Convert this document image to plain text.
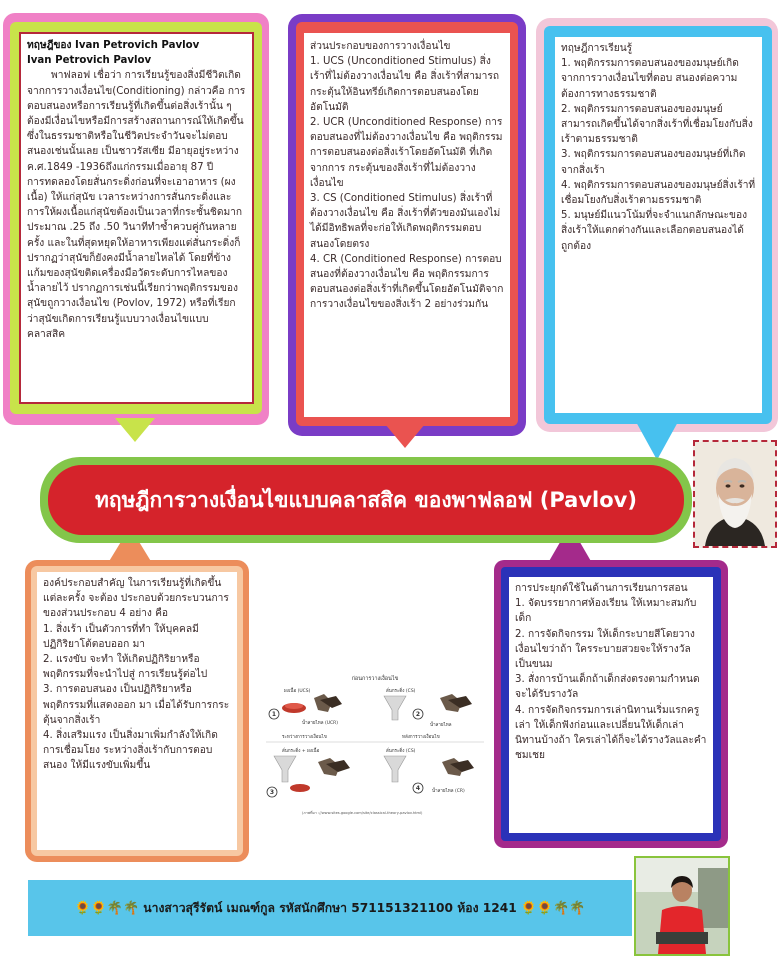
ทฤษฎีของ Ivan Petrovich Pavlov

Ivan Petrovich Pavlov

พาฟลอฟ เชื่อว่า การเรียนรู้ของสิ่งมีชีวิตเกิดจากการวางเงื่อนไข(Conditioning) กล่าวคือ การตอบสนองหรือการเรียนรู้ที่เกิดขึ้นต่อสิ่งเร้านั้น ๆ ต้องมีเงื่อนไขหรือมีการสร้างสถานการณ์ให้เกิดขึ้น ซึ่งในธรรมชาติหรือในชีวิตประจำวันจะไม่ตอบสนองเช่นนั้นเลย เป็นชาวรัสเซีย มีอายุอยู่ระหว่าง ค.ศ.1849 -1936ถึงแก่กรรมเมื่ออายุ 87 ปี

การทดลองโดยสั่นกระดิ่งก่อนที่จะเอาอาหาร (ผงเนื้อ) ให้แก่สุนัข เวลาระหว่างการสั่นกระดิ่งและการให้ผงเนื้อแก่สุนัขต้องเป็นเวลาที่กระชั้นชิดมากประมาณ .25 ถึง .50 วินาทีทำซ้ำควบคู่กันหลายครั้ง และในที่สุดหยุดให้อาหารเพียงแต่สั่นกระดิ่งก็ปรากฏว่าสุนัขก็ยังคงมีน้ำลายไหลได้ โดยที่ข้างแก้มของสุนัขติดเครื่องมือวัดระดับการไหลของน้ำลายไว้ ปรากฏการเช่นนี้เรียกว่าพฤติกรรมของสุนัขถูกวางเงื่อนไข (Povlov, 1972) หรือที่เรียกว่าสุนัขเกิดการเรียนรู้แบบวางเงื่อนไขแบบคลาสสิค

ส่วนประกอบของการวางเงื่อนไข

1. UCS (Unconditioned Stimulus) สิ่งเร้าที่ไม่ต้องวางเงื่อนไข คือ สิ่งเร้าที่สามารถกระตุ้นให้อินทรีย์เกิดการตอบสนองโดยอัตโนมัติ

2. UCR (Unconditioned Response) การตอบสนองที่ไม่ต้องวางเงื่อนไข คือ พฤติกรรมการตอบสนองต่อสิ่งเร้าโดยอัตโนมัติ ที่เกิดจากการ กระตุ้นของสิ่งเร้าที่ไม่ต้องวางเงื่อนไข

3. CS (Conditioned Stimulus) สิ่งเร้าที่ต้องวางเงื่อนไข คือ สิ่งเร้าที่ตัวของมันเองไม่ได้มีอิทธิพลที่จะก่อให้เกิดพฤติกรรมตอบสนองโดยตรง

4. CR (Conditioned Response) การตอบสนองที่ต้องวางเงื่อนไข คือ พฤติกรรมการตอบสนองต่อสิ่งเร้าที่เกิดขึ้นโดยอัตโนมัติจาก การวางเงื่อนไขของสิ่งเร้า 2 อย่างร่วมกัน

ทฤษฎีการเรียนรู้

1. พฤติกรรมการตอบสนองของมนุษย์เกิดจากการวางเงื่อนไขที่ตอบ สนองต่อความต้องการทางธรรมชาติ

2. พฤติกรรมการตอบสนองของมนุษย์สามารถเกิดขึ้นได้จากสิ่งเร้าที่เชื่อมโยงกับสิ่งเร้าตามธรรมชาติ

3. พฤติกรรมการตอบสนองของมนุษย์ที่เกิดจากสิ่งเร้า

4. พฤติกรรมการตอบสนองของมนุษย์สิ่งเร้าที่เชื่อมโยงกับสิ่งเร้าตามธรรมชาติ

5. มนุษย์มีแนวโน้มที่จะจำแนกลักษณะของสิ่งเร้าให้แตกต่างกันและเลือกตอบสนองได้ถูกต้อง

องค์ประกอบสำคัญ ในการเรียนรู้ที่เกิดขึ้นแต่ละครั้ง จะต้อง ประกอบด้วยกระบวนการของส่วนประกอบ 4 อย่าง คือ

1. สิ่งเร้า เป็นตัวการที่ทำ ให้บุคคลมีปฏิกิริยาโต้ตอบออก มา

2. แรงขับ จะทำ ให้เกิดปฏิกิริยาหรือพฤติกรรมที่จะนำไปสู่ การเรียนรู้ต่อไป

3. การตอบสนอง เป็นปฏิกิริยาหรือพฤติกรรมที่แสดงออก มา เมื่อได้รับการกระตุ้นจากสิ่งเร้า

4. สิ่งเสริมแรง เป็นสิ่งมาเพิ่มกำลังให้เกิดการเชื่อมโยง ระหว่างสิ่งเร้ากับการตอบสนอง ให้มีแรงขับเพิ่มขึ้น

การประยุกต์ใช้ในด้านการเรียนการสอน

1. จัดบรรยากาศห้องเรียน ให้เหมาะสมกับเด็ก

2. การจัดกิจกรรม ให้เด็กระบายสีโดยวางเงื่อนไขว่าถ้า ใครระบายสวยจะให้รางวัลเป็นขนม

3. สั่งการบ้านเด็กถ้าเด็กส่งตรงตามกำหนดจะได้รับรางวัล

4. การจัดกิจกรรมการเล่านิทานเริ่มแรกครูเล่า ให้เด็กฟังก่อนและเปลี่ยนให้เด็กเล่านิทานบ้างถ้า ใครเล่าได้ก็จะได้รางวัลและคำชมเชย

ทฤษฎีการวางเงื่อนไขแบบคลาสสิค ของพาฟลอฟ (Pavlov)
ก่อนการวางเงื่อนไข
ผงเนื้อ (UCS)
1
น้ำลายไหล (UCR)
สั่นกระดิ่ง (CS)
2
น้ำลายไหล
ระหว่างการวางเงื่อนไข	หลังการวางเงื่อนไข
สั่นกระดิ่ง + ผงเนื้อ
3
สั่นกระดิ่ง (CS)
4	น้ำลายไหล (CR)
(ภาพที่มา ://www.sites.google.com/site/classical-theory-pavlov.html)
🌻🌻🌴🌴 นางสาวสุรีรัตน์ เมณฑ์กูล รหัสนักศึกษา 571151321100 ห้อง 1241 🌻🌻🌴🌴
